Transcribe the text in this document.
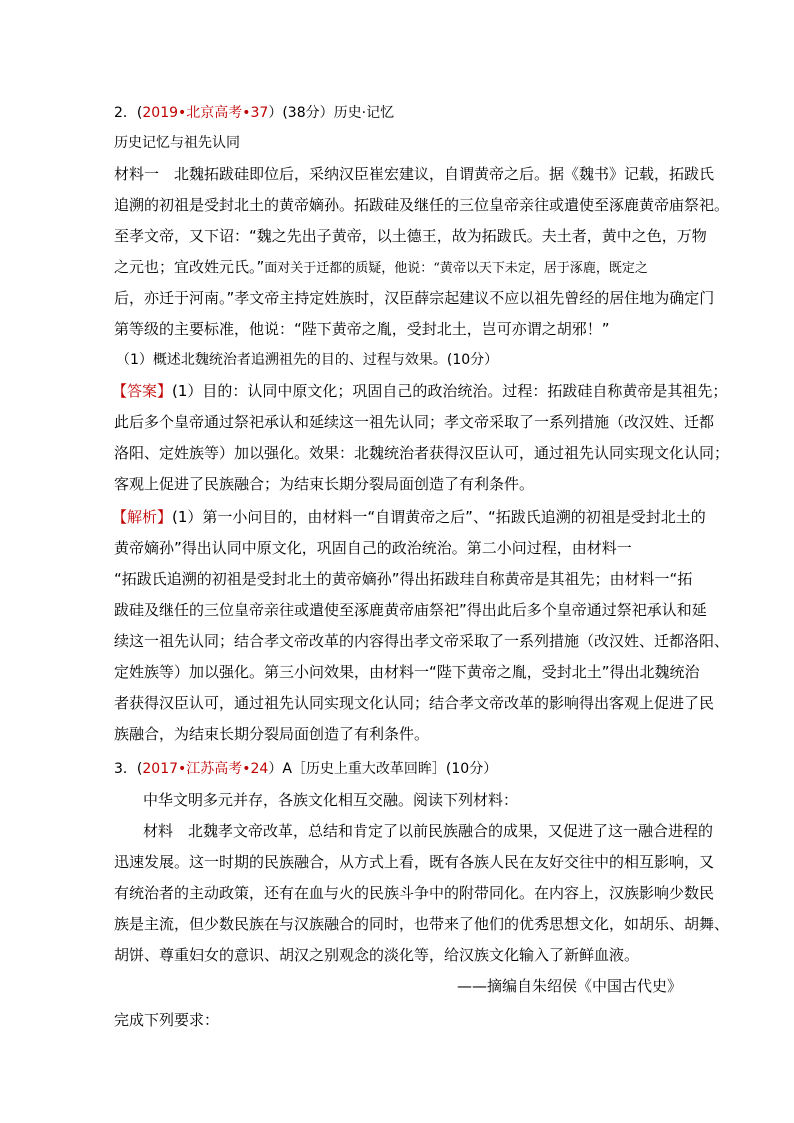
2．(2019•北京高考•37）(38分）历史·记忆
历史记忆与祖先认同
材料一　北魏拓跋硅即位后，采纳汉臣崔宏建议，自谓黄帝之后。据《魏书》记载，拓跋氏
追溯的初祖是受封北土的黄帝嫡孙。拓跋硅及继任的三位皇帝亲往或遣使至涿鹿黄帝庙祭祀。
至孝文帝，又下诏：“魏之先出子黄帝，以土德王，故为拓跋氏。夫土者，黄中之色，万物
之元也；宜改姓元氏。”面对关于迁都的质疑，他说：“黄帝以天下未定，居于涿鹿，既定之
后，亦迁于河南。”孝文帝主持定姓族时，汉臣薛宗起建议不应以祖先曾经的居住地为确定门
第等级的主要标准，他说：“陛下黄帝之胤，受封北土，岂可亦谓之胡邪！”
（1）概述北魏统治者追溯祖先的目的、过程与效果。(10分）
【答案】(1）目的：认同中原文化；巩固自己的政治统治。过程：拓跋硅自称黄帝是其祖先；
此后多个皇帝通过祭祀承认和延续这一祖先认同；孝文帝采取了一系列措施（改汉姓、迁都
洛阳、定姓族等）加以强化。效果：北魏统治者获得汉臣认可，通过祖先认同实现文化认同；
客观上促进了民族融合；为结束长期分裂局面创造了有利条件。
【解析】(1）第一小问目的，由材料一“自谓黄帝之后”、“拓跋氏追溯的初祖是受封北土的
黄帝嫡孙”得出认同中原文化，巩固自己的政治统治。第二小问过程，由材料一
“拓跋氏追溯的初祖是受封北土的黄帝嫡孙”得出拓跋珪自称黄帝是其祖先；由材料一“拓
跋硅及继任的三位皇帝亲往或遣使至涿鹿黄帝庙祭祀”得出此后多个皇帝通过祭祀承认和延
续这一祖先认同；结合孝文帝改革的内容得出孝文帝采取了一系列措施（改汉姓、迁都洛阳、
定姓族等）加以强化。第三小问效果，由材料一“陛下黄帝之胤，受封北土”得出北魏统治
者获得汉臣认可，通过祖先认同实现文化认同；结合孝文帝改革的影响得出客观上促进了民
族融合，为结束长期分裂局面创造了有利条件。
3．(2017•江苏高考•24）A［历史上重大改革回眸］(10分）
中华文明多元并存，各族文化相互交融。阅读下列材料：
材料　北魏孝文帝改革，总结和肯定了以前民族融合的成果，又促进了这一融合进程的
迅速发展。这一时期的民族融合，从方式上看，既有各族人民在友好交往中的相互影响，又
有统治者的主动政策，还有在血与火的民族斗争中的附带同化。在内容上，汉族影响少数民
族是主流，但少数民族在与汉族融合的同时，也带来了他们的优秀思想文化，如胡乐、胡舞、
胡饼、尊重妇女的意识、胡汉之别观念的淡化等，给汉族文化输入了新鲜血液。
——摘编自朱绍侯《中国古代史》
完成下列要求：
